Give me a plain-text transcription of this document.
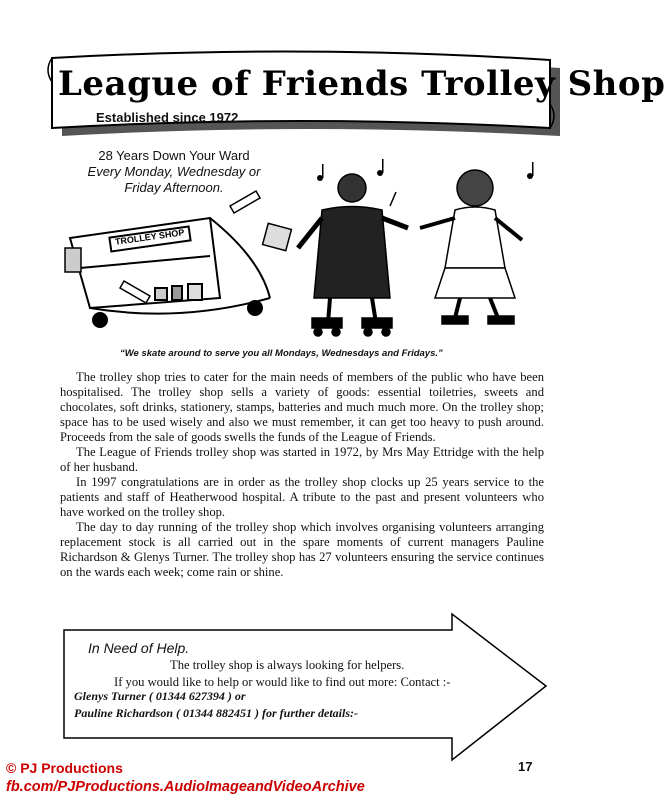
League of Friends Trolley Shop
Established since 1972
TROLLEY SHOP
28 Years Down Your Ward
Every Monday, Wednesday or
Friday Afternoon.
“We skate around to serve you all Mondays, Wednesdays and Fridays.”

The trolley shop tries to cater for the main needs of members of the public who have been hospitalised. The trolley shop sells a variety of goods: essential toiletries, sweets and chocolates, soft drinks, stationery, stamps, batteries and much much more. On the trolley shop; space has to be used wisely and also we must remember, it can get too heavy to push around. Proceeds from the sale of goods swells the funds of the League of Friends.

The League of Friends trolley shop was started in 1972, by Mrs May Ettridge with the help of her husband.

In 1997 congratulations are in order as the trolley shop clocks up 25 years service to the patients and staff of Heatherwood hospital. A tribute to the past and present volunteers who have worked on the trolley shop.

The day to day running of the trolley shop which involves organising volunteers arranging replacement stock is all carried out in the spare moments of current managers Pauline Richardson & Glenys Turner. The trolley shop has 27 volunteers ensuring the service continues on the wards each week; come rain or shine.

In Need of Help.
The trolley shop is always looking for helpers.
If you would like to help or would like to find out more: Contact :-
Glenys Turner ( 01344 627394 ) or
Pauline Richardson ( 01344 882451 ) for further details:-
17
© PJ Productions
fb.com/PJProductions.AudioImageandVideoArchive
